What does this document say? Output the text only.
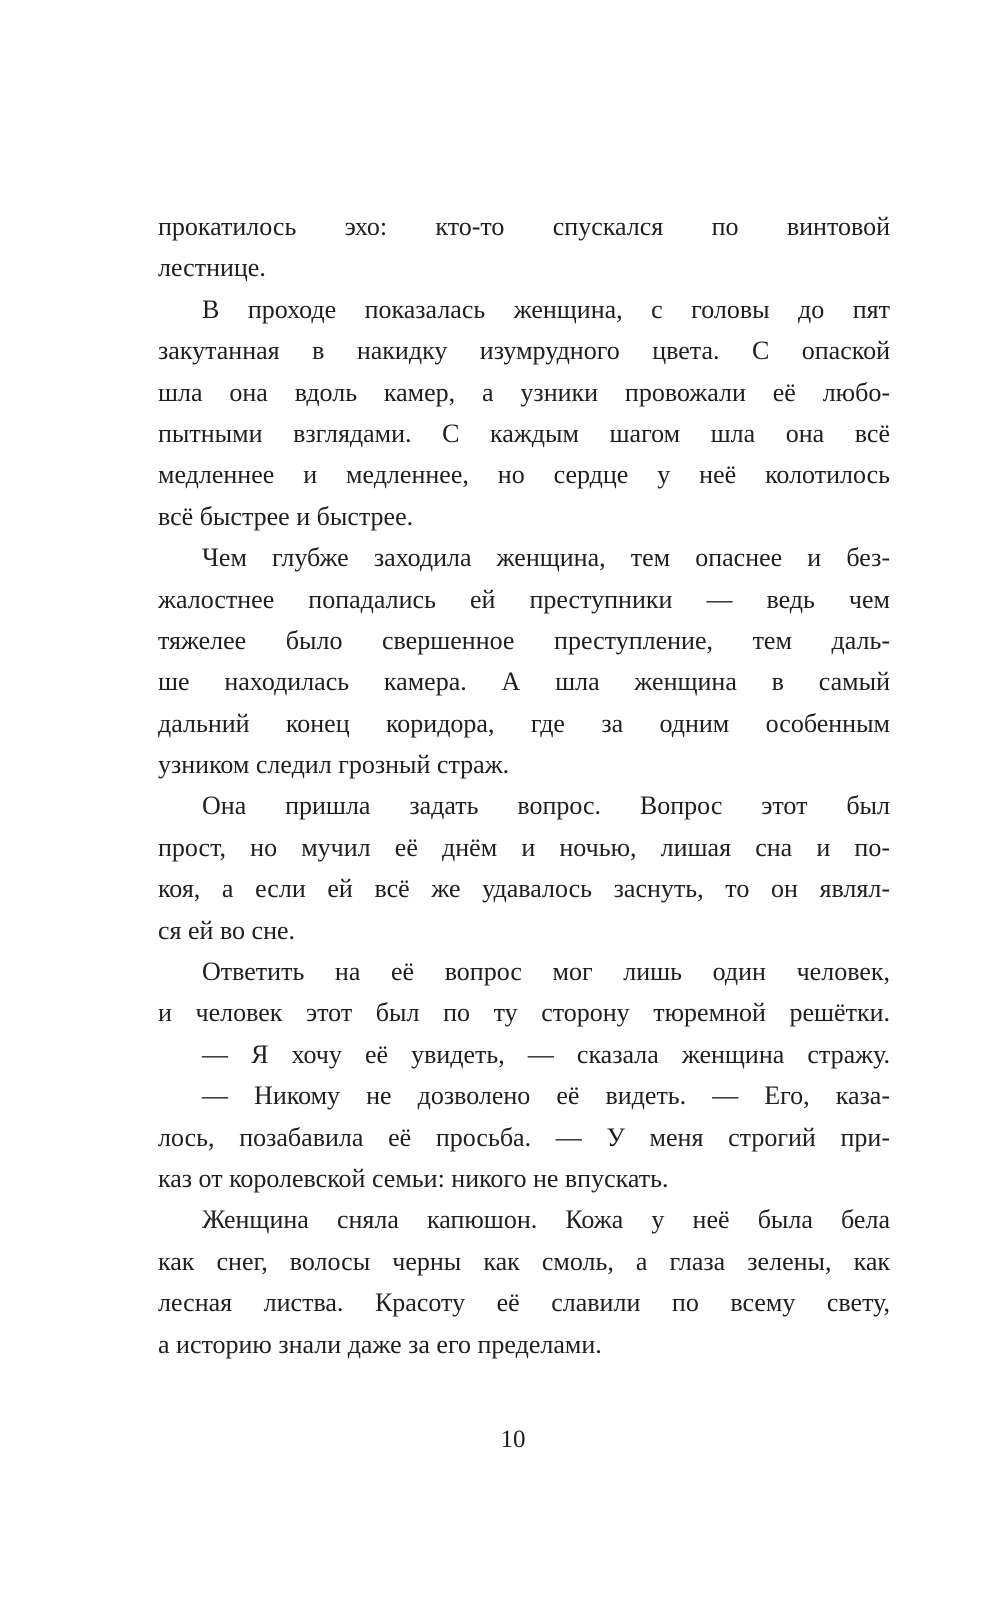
прокатилось эхо: кто-то спускался по винтовой
лестнице.
В проходе показалась женщина, с головы до пят
закутанная в накидку изумрудного цвета. С опаской
шла она вдоль камер, а узники провожали её любо-
пытными взглядами. С каждым шагом шла она всё
медленнее и медленнее, но сердце у неё колотилось
всё быстрее и быстрее.
Чем глубже заходила женщина, тем опаснее и без-
жалостнее попадались ей преступники — ведь чем
тяжелее было свершенное преступление, тем даль-
ше находилась камера. А шла женщина в самый
дальний конец коридора, где за одним особенным
узником следил грозный страж.
Она пришла задать вопрос. Вопрос этот был
прост, но мучил её днём и ночью, лишая сна и по-
коя, а если ей всё же удавалось заснуть, то он являл-
ся ей во сне.
Ответить на её вопрос мог лишь один человек,
и человек этот был по ту сторону тюремной решётки.
— Я хочу её увидеть, — сказала женщина стражу.
— Никому не дозволено её видеть. — Его, каза-
лось, позабавила её просьба. — У меня строгий при-
каз от королевской семьи: никого не впускать.
Женщина сняла капюшон. Кожа у неё была бела
как снег, волосы черны как смоль, а глаза зелены, как
лесная листва. Красоту её славили по всему свету,
а историю знали даже за его пределами.
10
